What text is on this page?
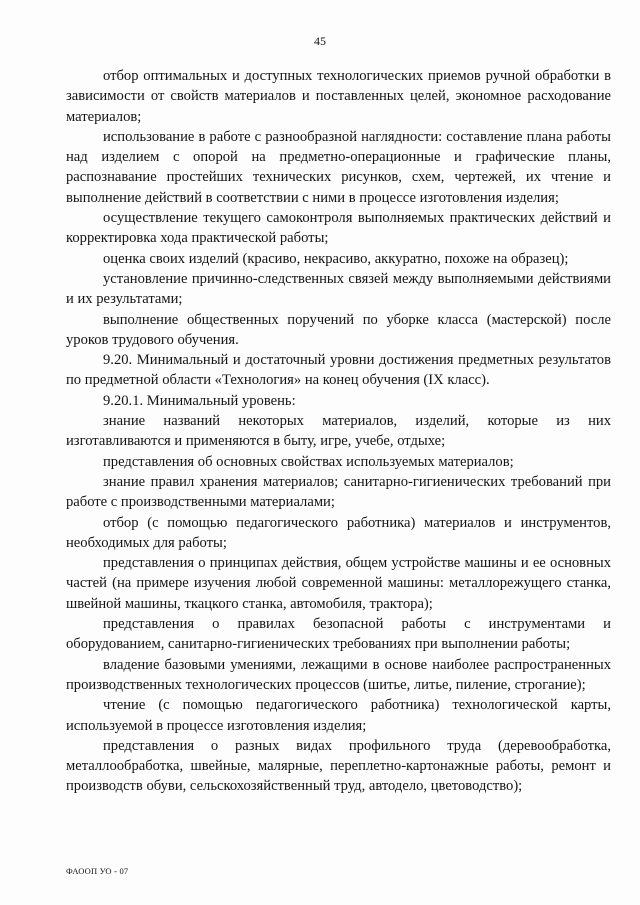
45

отбор оптимальных и доступных технологических приемов ручной обработки в зависимости от свойств материалов и поставленных целей, экономное расходование материалов;

использование в работе с разнообразной наглядности: составление плана работы над изделием с опорой на предметно-операционные и графические планы, распознавание простейших технических рисунков, схем, чертежей, их чтение и выполнение действий в соответствии с ними в процессе изготовления изделия;

осуществление текущего самоконтроля выполняемых практических действий и корректировка хода практической работы;

оценка своих изделий (красиво, некрасиво, аккуратно, похоже на образец);

установление причинно-следственных связей между выполняемыми действиями и их результатами;

выполнение общественных поручений по уборке класса (мастерской) после уроков трудового обучения.

9.20. Минимальный и достаточный уровни достижения предметных результатов по предметной области «Технология» на конец обучения (IX класс).

9.20.1. Минимальный уровень:

знание названий некоторых материалов, изделий, которые из них изготавливаются и применяются в быту, игре, учебе, отдыхе;

представления об основных свойствах используемых материалов;

знание правил хранения материалов; санитарно-гигиенических требований при работе с производственными материалами;

отбор (с помощью педагогического работника) материалов и инструментов, необходимых для работы;

представления о принципах действия, общем устройстве машины и ее основных частей (на примере изучения любой современной машины: металлорежущего станка, швейной машины, ткацкого станка, автомобиля, трактора);

представления о правилах безопасной работы с инструментами и оборудованием, санитарно-гигиенических требованиях при выполнении работы;

владение базовыми умениями, лежащими в основе наиболее распространенных производственных технологических процессов (шитье, литье, пиление, строгание);

чтение (с помощью педагогического работника) технологической карты, используемой в процессе изготовления изделия;

представления о разных видах профильного труда (деревообработка, металлообработка, швейные, малярные, переплетно-картонажные работы, ремонт и производств обуви, сельскохозяйственный труд, автодело, цветоводство);

ФАООП УО - 07
